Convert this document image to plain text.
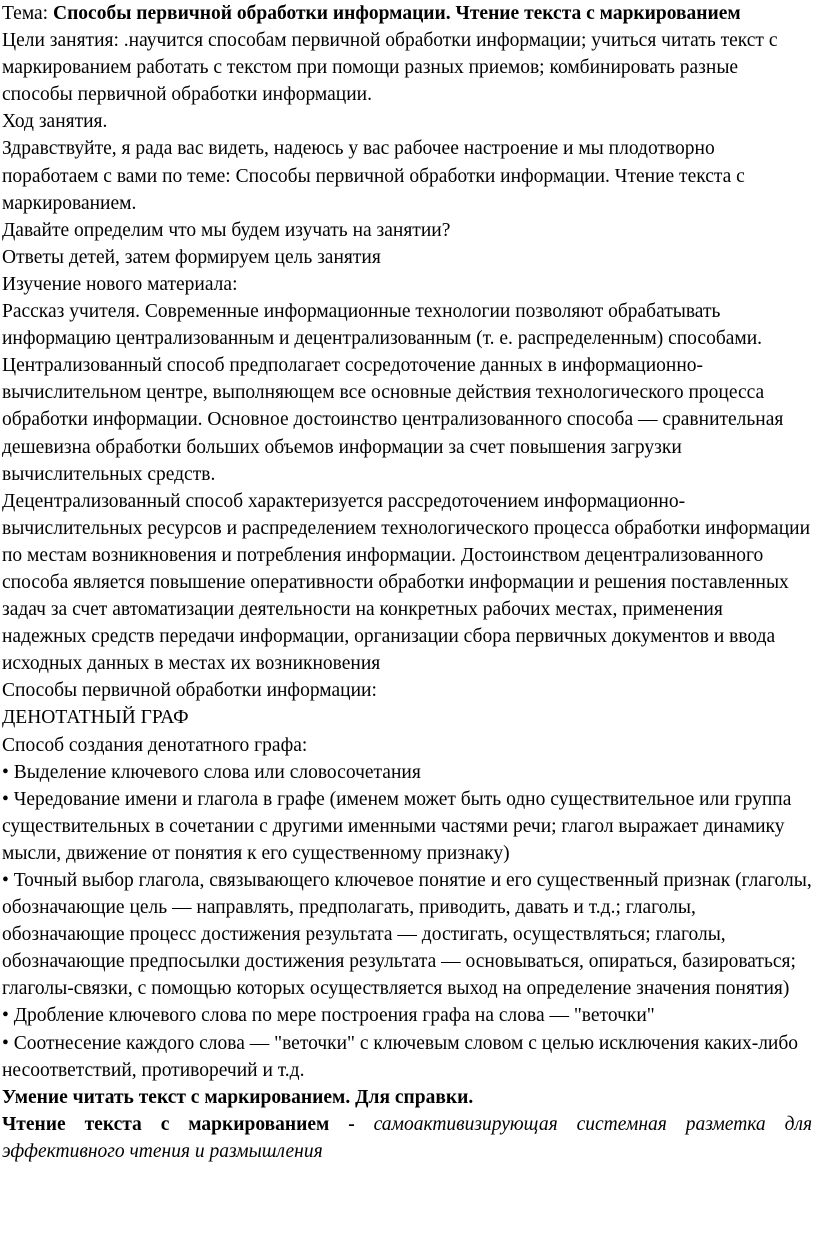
Тема: Способы первичной обработки информации. Чтение текста с маркированием

Цели занятия: .научится способам первичной обработки информации; учиться читать текст с маркированием работать с текстом при помощи разных приемов; комбинировать разные способы первичной обработки информации.

Ход занятия.

Здравствуйте, я рада вас видеть, надеюсь у вас рабочее настроение и мы плодотворно поработаем с вами по теме: Способы первичной обработки информации. Чтение текста с маркированием.

Давайте определим что мы будем изучать на занятии?

Ответы детей, затем формируем цель занятия

Изучение нового материала:

Рассказ учителя. Современные информационные технологии позволяют обрабатывать информацию централизованным и децентрализованным (т. е. распределенным) способами.

Централизованный способ предполагает сосредоточение данных в информационно-вычислительном центре, выполняющем все основные действия технологического процесса обработки информации. Основное достоинство централизованного способа — сравнительная дешевизна обработки больших объемов информации за счет повышения загрузки вычислительных средств.

Децентрализованный способ характеризуется рассредоточением информационно-вычислительных ресурсов и распределением технологического процесса обработки информации по местам возникновения и потребления информации. Достоинством децентрализованного способа является повышение оперативности обработки информации и решения поставленных задач за счет автоматизации деятельности на конкретных рабочих местах, применения надежных средств передачи информации, организации сбора первичных документов и ввода исходных данных в местах их возникновения

Способы первичной обработки информации:

ДЕНОТАТНЫЙ ГРАФ

Способ создания денотатного графа:

• Выделение ключевого слова или словосочетания

• Чередование имени и глагола в графе (именем может быть одно существительное или группа существительных в сочетании с другими именными частями речи; глагол выражает динамику мысли, движение от понятия к его существенному признаку)

• Точный выбор глагола, связывающего ключевое понятие и его существенный признак (глаголы, обозначающие цель — направлять, предполагать, приводить, давать и т.д.; глаголы, обозначающие процесс достижения результата — достигать, осуществляться; глаголы, обозначающие предпосылки достижения результата — основываться, опираться, базироваться; глаголы-связки, с помощью которых осуществляется выход на определение значения понятия)

• Дробление ключевого слова по мере построения графа на слова — "веточки"

• Соотнесение каждого слова — "веточки" с ключевым словом с целью исключения каких-либо несоответствий, противоречий и т.д.

Умение читать текст с маркированием. Для справки.

Чтение текста с маркированием - самоактивизирующая системная разметка для эффективного чтения и размышления
